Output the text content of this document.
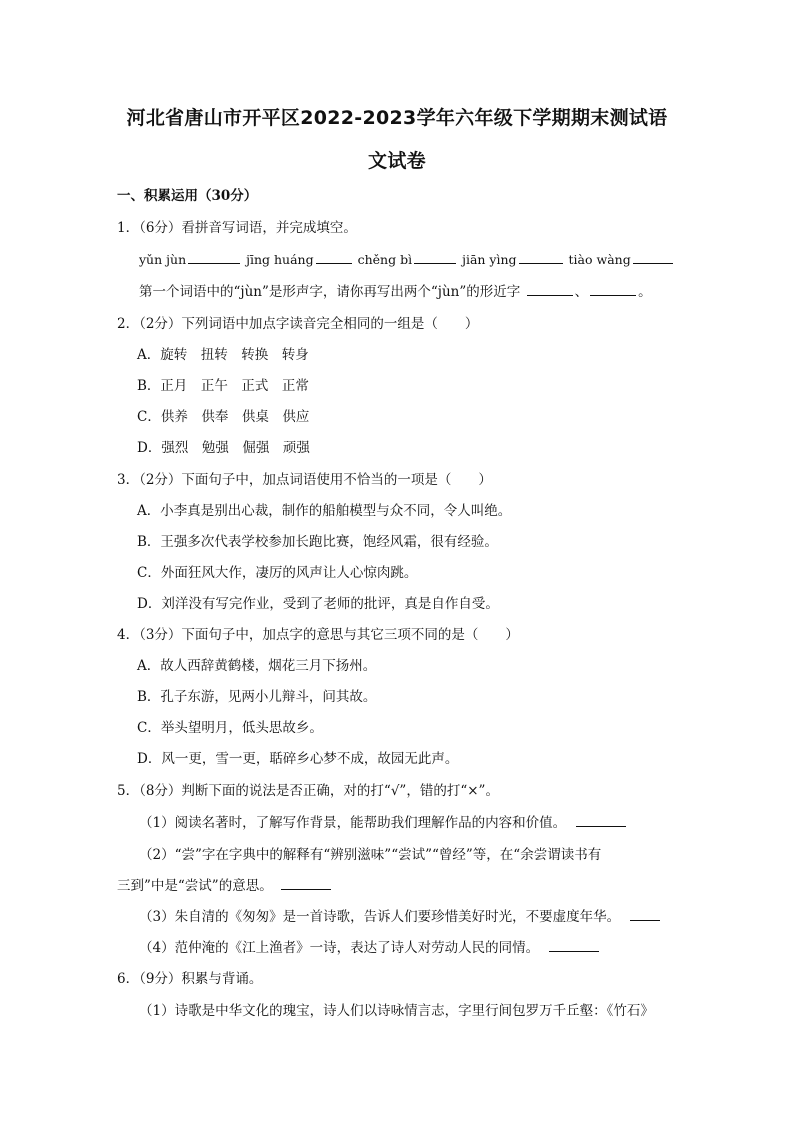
河北省唐山市开平区2022-2023学年六年级下学期期末测试语
文试卷
一、积累运用（30分）
1．（6分）看拼音写词语，并完成填空。
yǔn jùn	jīng huáng	chěng bì	jiān yìng	tiào wàng
第一个词语中的“jùn”是形声字，请你再写出两个“jùn”的形近字	、	。
2．（2分）下列词语中加点字读音完全相同的一组是（　　）
A．旋转　扭转　转换　转身
B．正月　正午　正式　正常
C．供养　供奉　供桌　供应
D．强烈　勉强　倔强　顽强
3．（2分）下面句子中，加点词语使用不恰当的一项是（　　）
A．小李真是别出心裁，制作的船舶模型与众不同，令人叫绝。
B．王强多次代表学校参加长跑比赛，饱经风霜，很有经验。
C．外面狂风大作，凄厉的风声让人心惊肉跳。
D．刘洋没有写完作业，受到了老师的批评，真是自作自受。
4．（3分）下面句子中，加点字的意思与其它三项不同的是（　　）
A．故人西辞黄鹤楼，烟花三月下扬州。
B．孔子东游，见两小儿辩斗，问其故。
C．举头望明月，低头思故乡。
D．风一更，雪一更，聒碎乡心梦不成，故园无此声。
5．（8分）判断下面的说法是否正确，对的打“√”，错的打“×”。
（1）阅读名著时，了解写作背景，能帮助我们理解作品的内容和价值。
（2）“尝”字在字典中的解释有“辨别滋味”“尝试”“曾经”等，在“余尝谓读书有
三到”中是“尝试”的意思。
（3）朱自清的《匆匆》是一首诗歌，告诉人们要珍惜美好时光，不要虚度年华。
（4）范仲淹的《江上渔者》一诗，表达了诗人对劳动人民的同情。
6．（9分）积累与背诵。
（1）诗歌是中华文化的瑰宝，诗人们以诗咏情言志，字里行间包罗万千丘壑：《竹石》
